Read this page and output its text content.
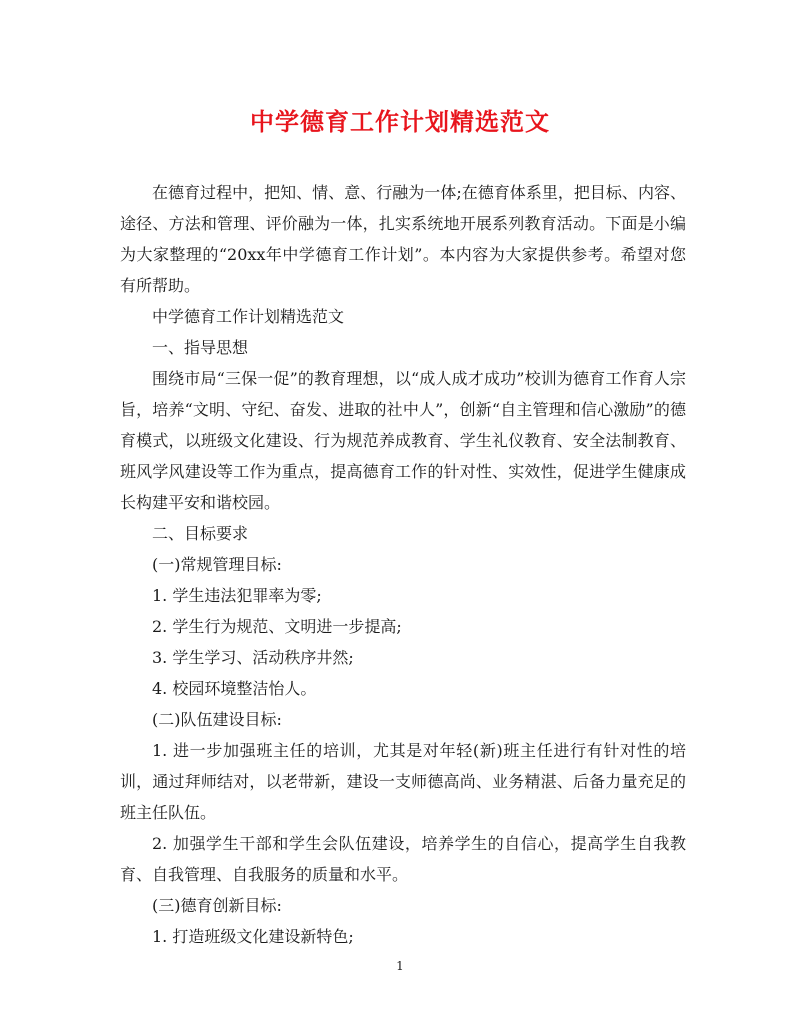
中学德育工作计划精选范文

在德育过程中，把知、情、意、行融为一体;在德育体系里，把目标、内容、途径、方法和管理、评价融为一体，扎实系统地开展系列教育活动。下面是小编为大家整理的“20xx年中学德育工作计划”。本内容为大家提供参考。希望对您有所帮助。

中学德育工作计划精选范文

一、指导思想

围绕市局“三保一促”的教育理想，以“成人成才成功”校训为德育工作育人宗旨，培养“文明、守纪、奋发、进取的社中人”，创新“自主管理和信心激励”的德育模式，以班级文化建设、行为规范养成教育、学生礼仪教育、安全法制教育、班风学风建设等工作为重点，提高德育工作的针对性、实效性，促进学生健康成长构建平安和谐校园。

二、目标要求

(一)常规管理目标:

1. 学生违法犯罪率为零;

2. 学生行为规范、文明进一步提高;

3. 学生学习、活动秩序井然;

4. 校园环境整洁怡人。

(二)队伍建设目标:

1. 进一步加强班主任的培训，尤其是对年轻(新)班主任进行有针对性的培训，通过拜师结对，以老带新，建设一支师德高尚、业务精湛、后备力量充足的班主任队伍。

2. 加强学生干部和学生会队伍建设，培养学生的自信心，提高学生自我教育、自我管理、自我服务的质量和水平。

(三)德育创新目标:

1. 打造班级文化建设新特色;

1
